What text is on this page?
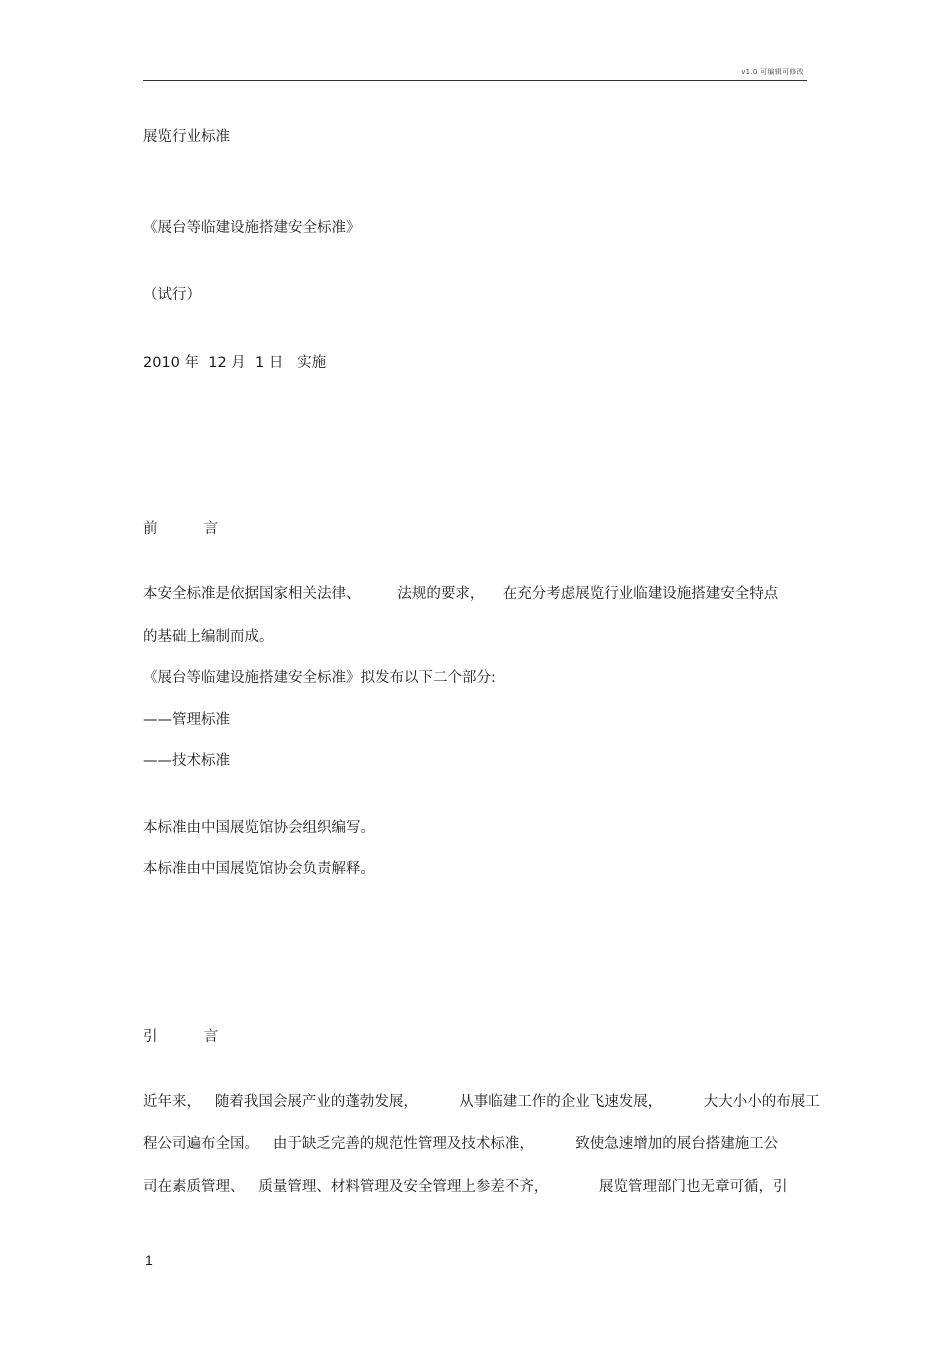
v1.0 可编辑可修改
展览行业标准
《展台等临建设施搭建安全标准》
（试行）
2010 年  12 月  1 日   实施
前          言
本安全标准是依据国家相关法律、        法规的要求，    在充分考虑展览行业临建设施搭建安全特点
的基础上编制而成。
《展台等临建设施搭建安全标准》拟发布以下二个部分:
——管理标准
——技术标准
本标准由中国展览馆协会组织编写。
本标准由中国展览馆协会负责解释。
引          言
近年来，   随着我国会展产业的蓬勃发展，         从事临建工作的企业飞速发展，         大大小小的布展工
程公司遍布全国。   由于缺乏完善的规范性管理及技术标准，         致使急速增加的展台搭建施工公
司在素质管理、   质量管理、材料管理及安全管理上参差不齐，           展览管理部门也无章可循，引
1
